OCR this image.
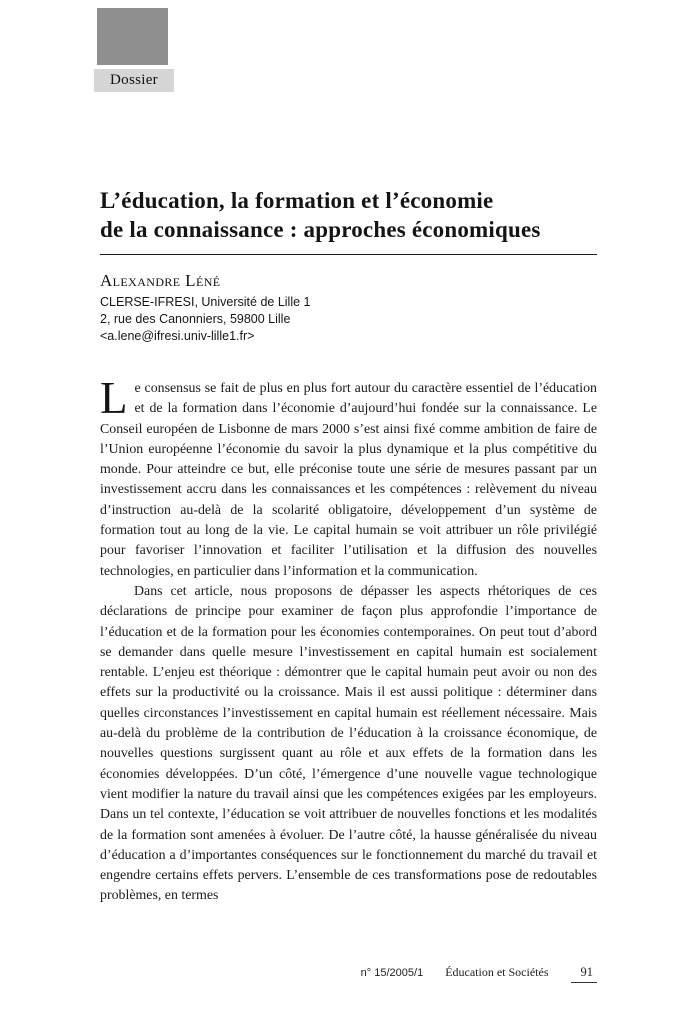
Dossier
L’éducation, la formation et l’économie
de la connaissance : approches économiques
Alexandre Léné
CLERSE-IFRESI, Université de Lille 1
2, rue des Canonniers, 59800 Lille
<a.lene@ifresi.univ-lille1.fr>

L e consensus se fait de plus en plus fort autour du caractère essentiel de l’éducation et de la formation dans l’économie d’aujourd’hui fondée sur la connaissance. Le Conseil européen de Lisbonne de mars 2000 s’est ainsi fixé comme ambition de faire de l’Union européenne l’économie du savoir la plus dynamique et la plus compétitive du monde. Pour atteindre ce but, elle préconise toute une série de mesures passant par un investissement accru dans les connaissances et les compétences : relèvement du niveau d’instruction au-delà de la scolarité obligatoire, développement d’un système de formation tout au long de la vie. Le capital humain se voit attribuer un rôle privilégié pour favoriser l’innovation et faciliter l’utilisation et la diffusion des nouvelles technologies, en particulier dans l’information et la communication.

Dans cet article, nous proposons de dépasser les aspects rhétoriques de ces déclarations de principe pour examiner de façon plus approfondie l’importance de l’éducation et de la formation pour les économies contemporaines. On peut tout d’abord se demander dans quelle mesure l’investissement en capital humain est socialement rentable. L’enjeu est théorique : démontrer que le capital humain peut avoir ou non des effets sur la productivité ou la croissance. Mais il est aussi politique : déterminer dans quelles circonstances l’investissement en capital humain est réellement nécessaire. Mais au-delà du problème de la contribution de l’éducation à la croissance économique, de nouvelles questions surgissent quant au rôle et aux effets de la formation dans les économies développées. D’un côté, l’émergence d’une nouvelle vague technologique vient modifier la nature du travail ainsi que les compétences exigées par les employeurs. Dans un tel contexte, l’éducation se voit attribuer de nouvelles fonctions et les modalités de la formation sont amenées à évoluer. De l’autre côté, la hausse généralisée du niveau d’éducation a d’importantes conséquences sur le fonctionnement du marché du travail et engendre certains effets pervers. L’ensemble de ces transformations pose de redoutables problèmes, en termes

n° 15/2005/1 Éducation et Sociétés	91
